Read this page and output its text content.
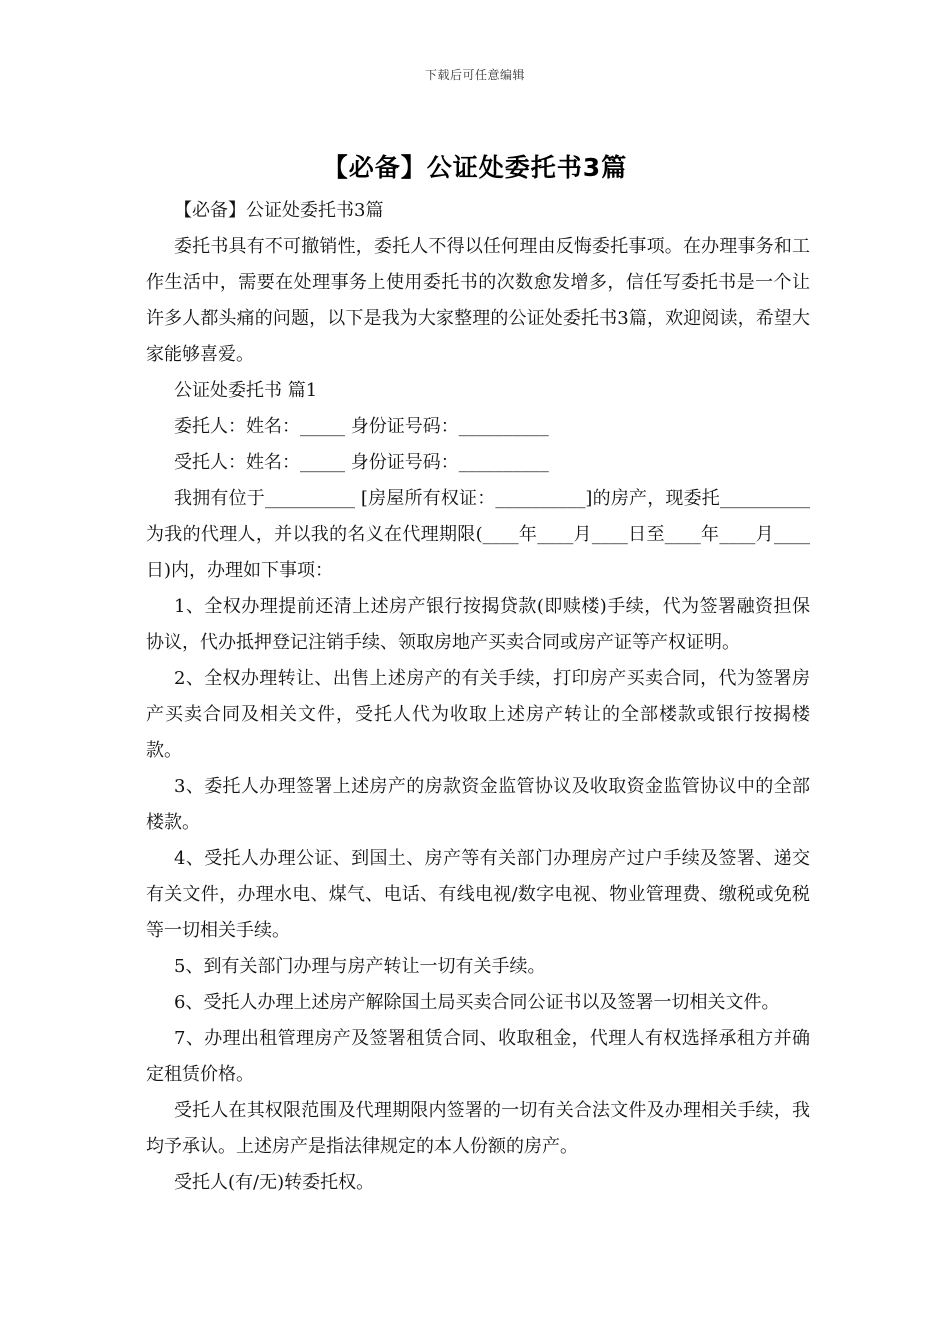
下载后可任意编辑
【必备】公证处委托书3篇

【必备】公证处委托书3篇

委托书具有不可撤销性，委托人不得以任何理由反悔委托事项。在办理事务和工作生活中，需要在处理事务上使用委托书的次数愈发增多，信任写委托书是一个让许多人都头痛的问题，以下是我为大家整理的公证处委托书3篇，欢迎阅读，希望大家能够喜爱。

公证处委托书 篇1

委托人：姓名：_____ 身份证号码：__________

受托人：姓名：_____ 身份证号码：__________

我拥有位于__________ [房屋所有权证：__________]的房产，现委托__________为我的代理人，并以我的名义在代理期限(____年____月____日至____年____月____日)内，办理如下事项：

1、全权办理提前还清上述房产银行按揭贷款(即赎楼)手续，代为签署融资担保协议，代办抵押登记注销手续、领取房地产买卖合同或房产证等产权证明。

2、全权办理转让、出售上述房产的有关手续，打印房产买卖合同，代为签署房产买卖合同及相关文件，受托人代为收取上述房产转让的全部楼款或银行按揭楼款。

3、委托人办理签署上述房产的房款资金监管协议及收取资金监管协议中的全部楼款。

4、受托人办理公证、到国土、房产等有关部门办理房产过户手续及签署、递交有关文件，办理水电、煤气、电话、有线电视/数字电视、物业管理费、缴税或免税等一切相关手续。

5、到有关部门办理与房产转让一切有关手续。

6、受托人办理上述房产解除国土局买卖合同公证书以及签署一切相关文件。

7、办理出租管理房产及签署租赁合同、收取租金，代理人有权选择承租方并确定租赁价格。

受托人在其权限范围及代理期限内签署的一切有关合法文件及办理相关手续，我均予承认。上述房产是指法律规定的本人份额的房产。

受托人(有/无)转委托权。
